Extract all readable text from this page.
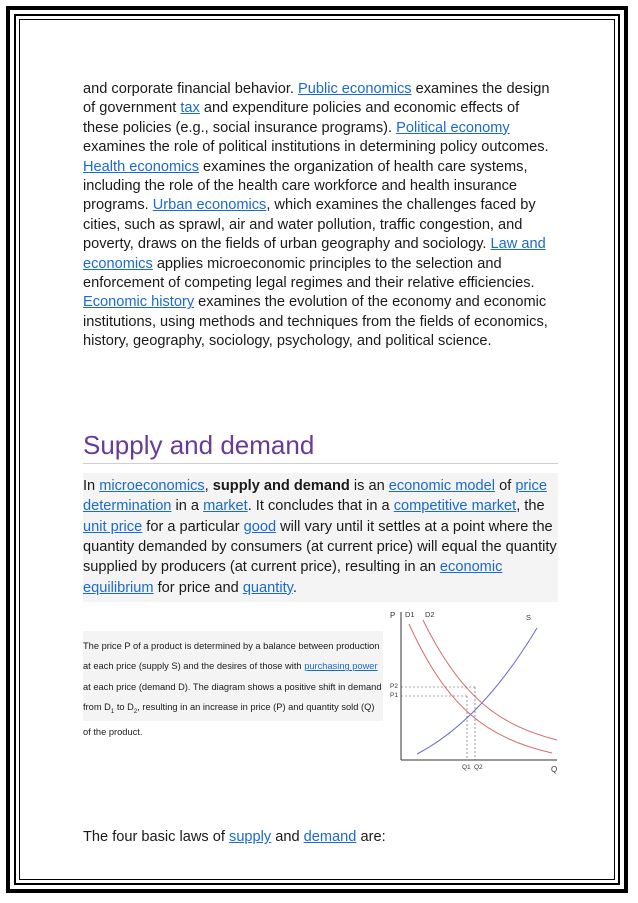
and corporate financial behavior. Public economics examines the design of government tax and expenditure policies and economic effects of these policies (e.g., social insurance programs). Political economy examines the role of political institutions in determining policy outcomes. Health economics examines the organization of health care systems, including the role of the health care workforce and health insurance programs. Urban economics, which examines the challenges faced by cities, such as sprawl, air and water pollution, traffic congestion, and poverty, draws on the fields of urban geography and sociology. Law and economics applies microeconomic principles to the selection and enforcement of competing legal regimes and their relative efficiencies. Economic history examines the evolution of the economy and economic institutions, using methods and techniques from the fields of economics, history, geography, sociology, psychology, and political science.

Supply and demand

In microeconomics, supply and demand is an economic model of price determination in a market. It concludes that in a competitive market, the unit price for a particular good will vary until it settles at a point where the quantity demanded by consumers (at current price) will equal the quantity supplied by producers (at current price), resulting in an economic equilibrium for price and quantity.

The price P of a product is determined by a balance between production at each price (supply S) and the desires of those with purchasing power at each price (demand D). The diagram shows a positive shift in demand from $D_1$ to $D_2$, resulting in an increase in price (P) and quantity sold (Q) of the product.

P
Q
D1 D2	S
P2
P1
Q1 Q2

The four basic laws of supply and demand are:
